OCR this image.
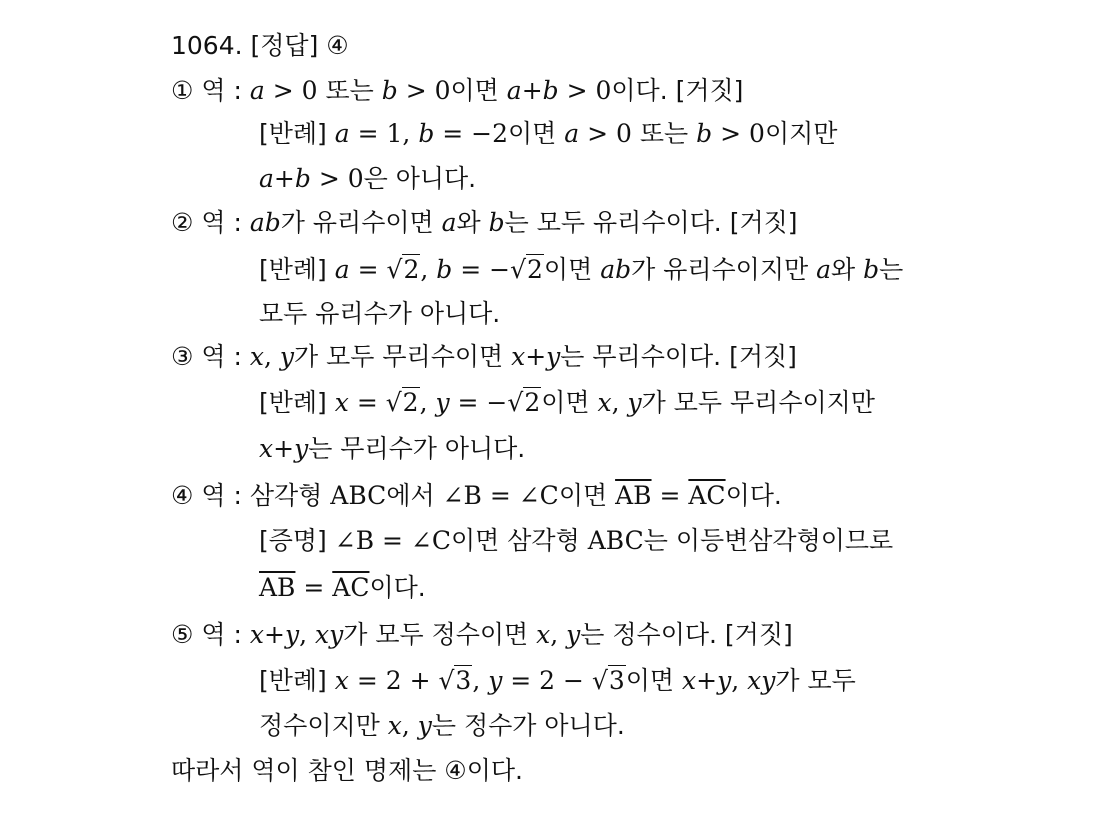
1064. [정답] ④
① 역 : a > 0 또는 b > 0이면 a+b > 0이다. [거짓]
[반례] a = 1, b = −2이면 a > 0 또는 b > 0이지만
a+b > 0은 아니다.
② 역 : ab가 유리수이면 a와 b는 모두 유리수이다. [거짓]
[반례] a = √2, b = −√2이면 ab가 유리수이지만 a와 b는
모두 유리수가 아니다.
③ 역 : x, y가 모두 무리수이면 x+y는 무리수이다. [거짓]
[반례] x = √2, y = −√2이면 x, y가 모두 무리수이지만
x+y는 무리수가 아니다.
④ 역 : 삼각형 ABC에서 ∠B = ∠C이면 $\overline{AB} = \overline{AC}$이다.
[증명] ∠B = ∠C이면 삼각형 ABC는 이등변삼각형이므로
$\overline{AB} = \overline{AC}$이다.
⑤ 역 : x+y, xy가 모두 정수이면 x, y는 정수이다. [거짓]
[반례] x = 2 + √3, y = 2 − √3이면 x+y, xy가 모두
정수이지만 x, y는 정수가 아니다.
따라서 역이 참인 명제는 ④이다.
